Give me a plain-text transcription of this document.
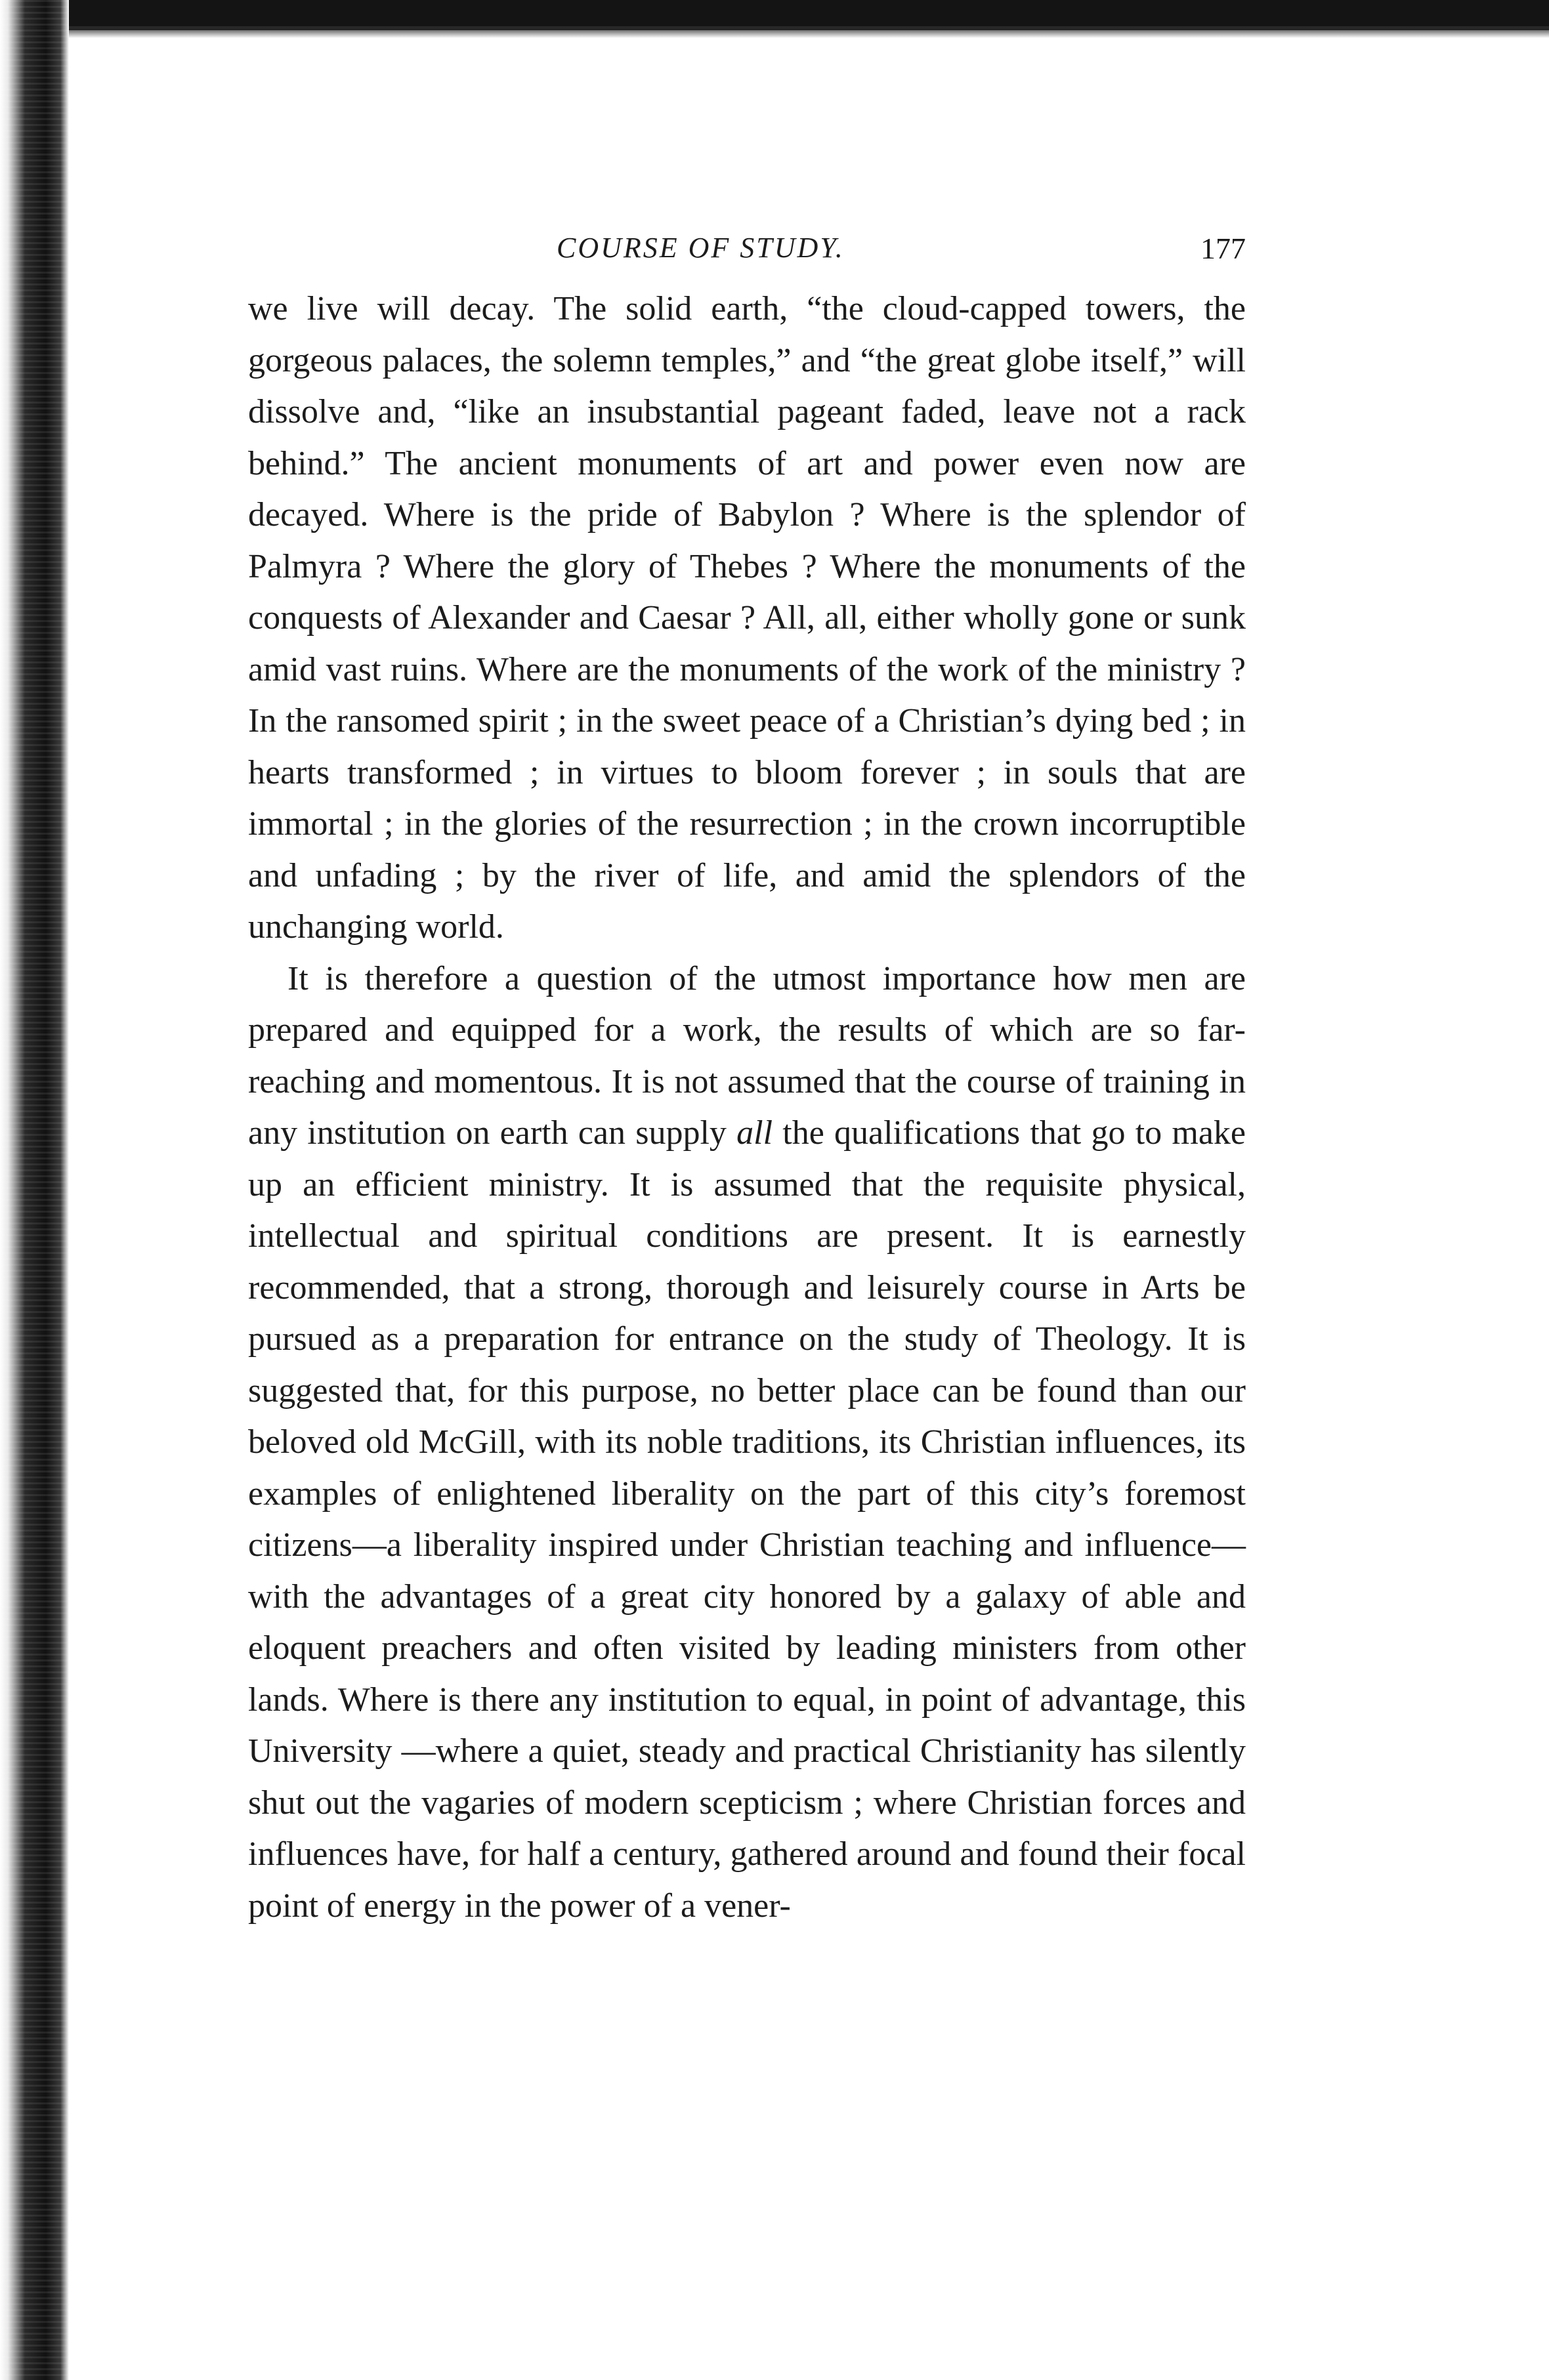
COURSE OF STUDY.	177

we live will decay. The solid earth, “the cloud-capped towers, the gorgeous palaces, the solemn temples,” and “the great globe itself,” will dissolve and, “like an insubstantial pageant faded, leave not a rack behind.” The ancient monuments of art and power even now are decayed. Where is the pride of Babylon ? Where is the splendor of Palmyra ? Where the glory of Thebes ? Where the monuments of the conquests of Alexander and Caesar ? All, all, either wholly gone or sunk amid vast ruins. Where are the monuments of the work of the ministry ? In the ransomed spirit ; in the sweet peace of a Christian’s dying bed ; in hearts transformed ; in virtues to bloom forever ; in souls that are immortal ; in the glories of the resurrection ; in the crown incorruptible and unfading ; by the river of life, and amid the splendors of the unchanging world.

It is therefore a question of the utmost importance how men are prepared and equipped for a work, the results of which are so far-reaching and momentous. It is not assumed that the course of training in any institution on earth can supply all the qualifications that go to make up an efficient ministry. It is assumed that the requisite physical, intellectual and spiritual conditions are present. It is earnestly recommended, that a strong, thorough and leisurely course in Arts be pursued as a preparation for entrance on the study of Theology. It is suggested that, for this purpose, no better place can be found than our beloved old McGill, with its noble traditions, its Christian influences, its examples of enlightened liberality on the part of this city’s foremost citizens—a liberality inspired under Christian teaching and influence—with the advantages of a great city honored by a galaxy of able and eloquent preachers and often visited by leading ministers from other lands. Where is there any institution to equal, in point of advantage, this University —where a quiet, steady and practical Christianity has silently shut out the vagaries of modern scepticism ; where Christian forces and influences have, for half a century, gathered around and found their focal point of energy in the power of a vener-
